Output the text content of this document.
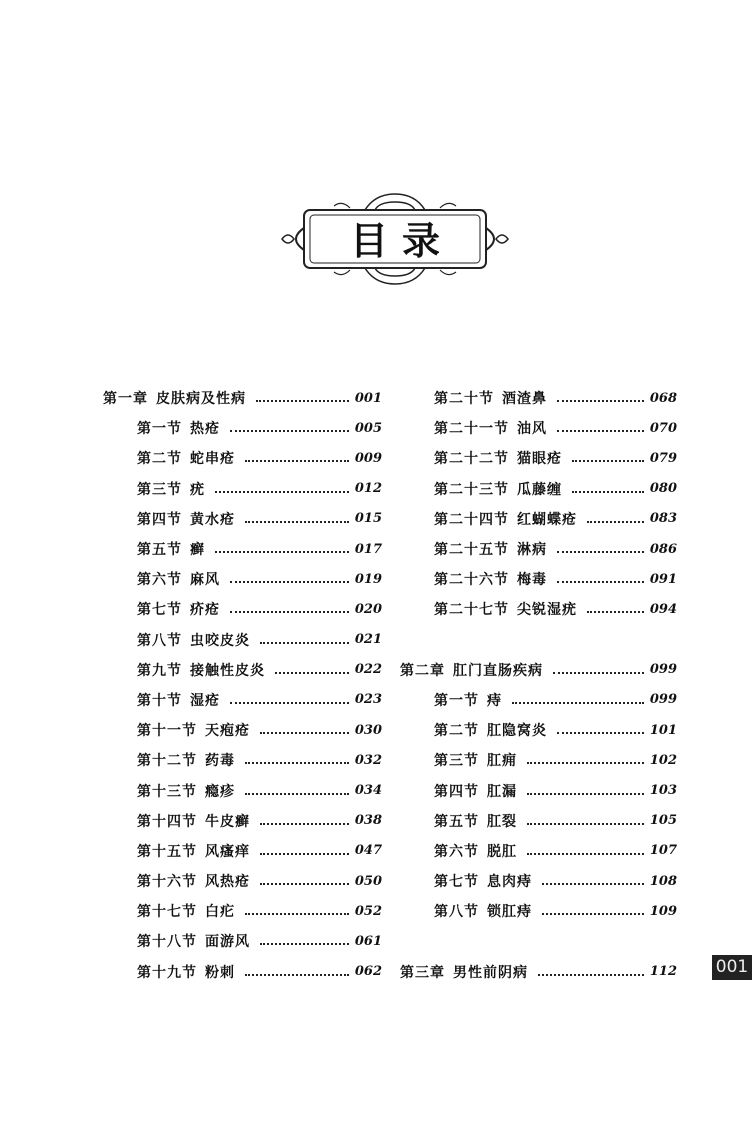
目录
第一章 皮肤病及性病	001
第一节 热疮	005
第二节 蛇串疮	009
第三节 疣	012
第四节 黄水疮	015
第五节 癣	017
第六节 麻风	019
第七节 疥疮	020
第八节 虫咬皮炎	021
第九节 接触性皮炎	022
第十节 湿疮	023
第十一节 天疱疮	030
第十二节 药毒	032
第十三节 瘾疹	034
第十四节 牛皮癣	038
第十五节 风瘙痒	047
第十六节 风热疮	050
第十七节 白疕	052
第十八节 面游风	061
第十九节 粉刺	062
第二十节 酒渣鼻	068
第二十一节 油风	070
第二十二节 猫眼疮	079
第二十三节 瓜藤缠	080
第二十四节 红蝴蝶疮	083
第二十五节 淋病	086
第二十六节 梅毒	091
第二十七节 尖锐湿疣	094
第二章 肛门直肠疾病	099
第一节 痔	099
第二节 肛隐窝炎	101
第三节 肛痈	102
第四节 肛漏	103
第五节 肛裂	105
第六节 脱肛	107
第七节 息肉痔	108
第八节 锁肛痔	109
第三章 男性前阴病	112 001
